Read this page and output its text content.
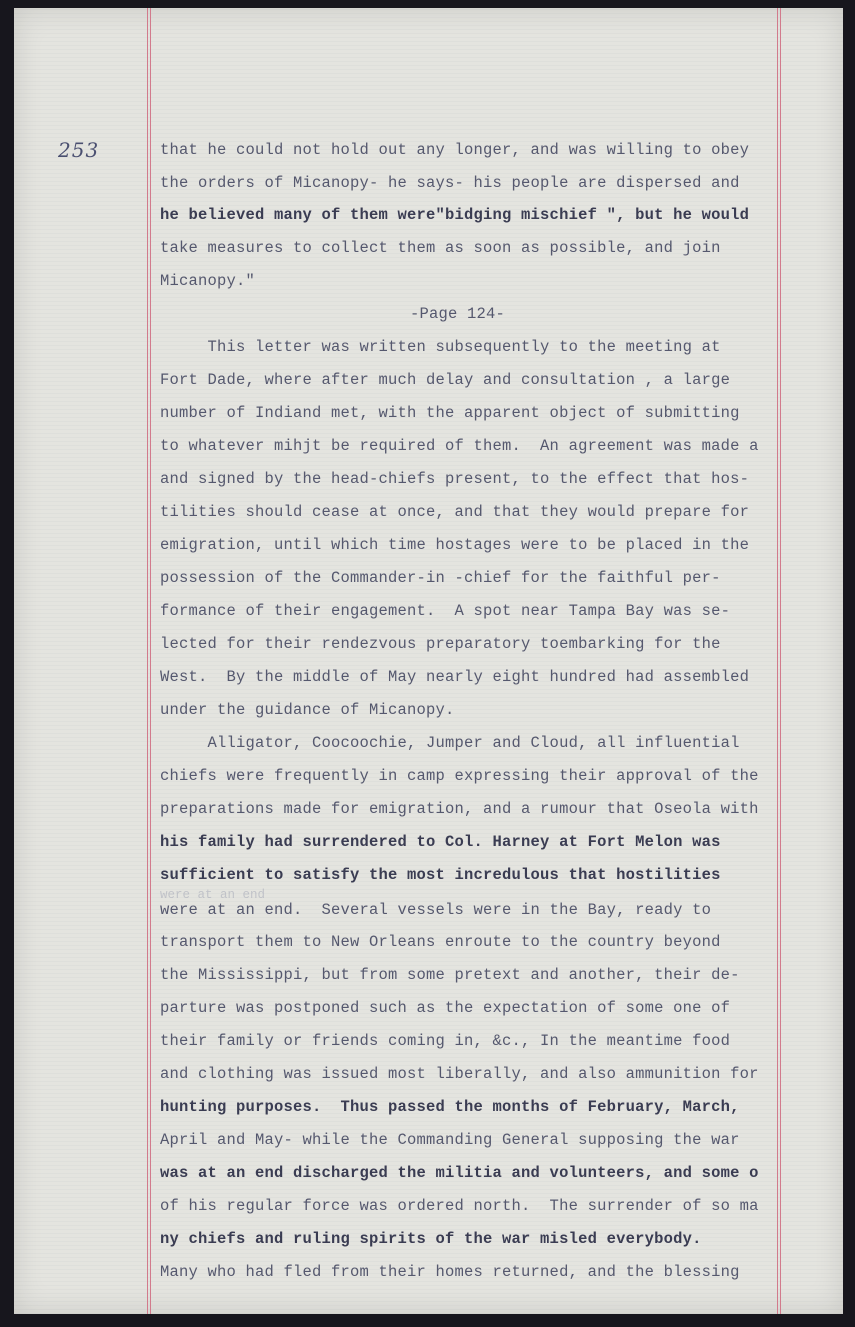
253
were at an end

that he could not hold out any longer, and was willing to obey

the orders of Micanopy- he says- his people are dispersed and

he believed many of them were"bidging mischief ", but he would

take measures to collect them as soon as possible, and join

Micanopy."

-Page 124-

This letter was written subsequently to the meeting at

Fort Dade, where after much delay and consultation , a large

number of Indiand met, with the apparent object of submitting

to whatever mihjt be required of them.  An agreement was made a

and signed by the head-chiefs present, to the effect that hos-

tilities should cease at once, and that they would prepare for

emigration, until which time hostages were to be placed in the

possession of the Commander-in -chief for the faithful per-

formance of their engagement.  A spot near Tampa Bay was se-

lected for their rendezvous preparatory toembarking for the

West.  By the middle of May nearly eight hundred had assembled

under the guidance of Micanopy.

Alligator, Coocoochie, Jumper and Cloud, all influential

chiefs were frequently in camp expressing their approval of the

preparations made for emigration, and a rumour that Oseola with

his family had surrendered to Col. Harney at Fort Melon was

sufficient to satisfy the most incredulous that hostilities

were at an end.  Several vessels were in the Bay, ready to

transport them to New Orleans enroute to the country beyond

the Mississippi, but from some pretext and another, their de-

parture was postponed such as the expectation of some one of

their family or friends coming in, &c., In the meantime food

and clothing was issued most liberally, and also ammunition for

hunting purposes.  Thus passed the months of February, March,

April and May- while the Commanding General supposing the war

was at an end discharged the militia and volunteers, and some o

of his regular force was ordered north.  The surrender of so ma

ny chiefs and ruling spirits of the war misled everybody.

Many who had fled from their homes returned, and the blessing
